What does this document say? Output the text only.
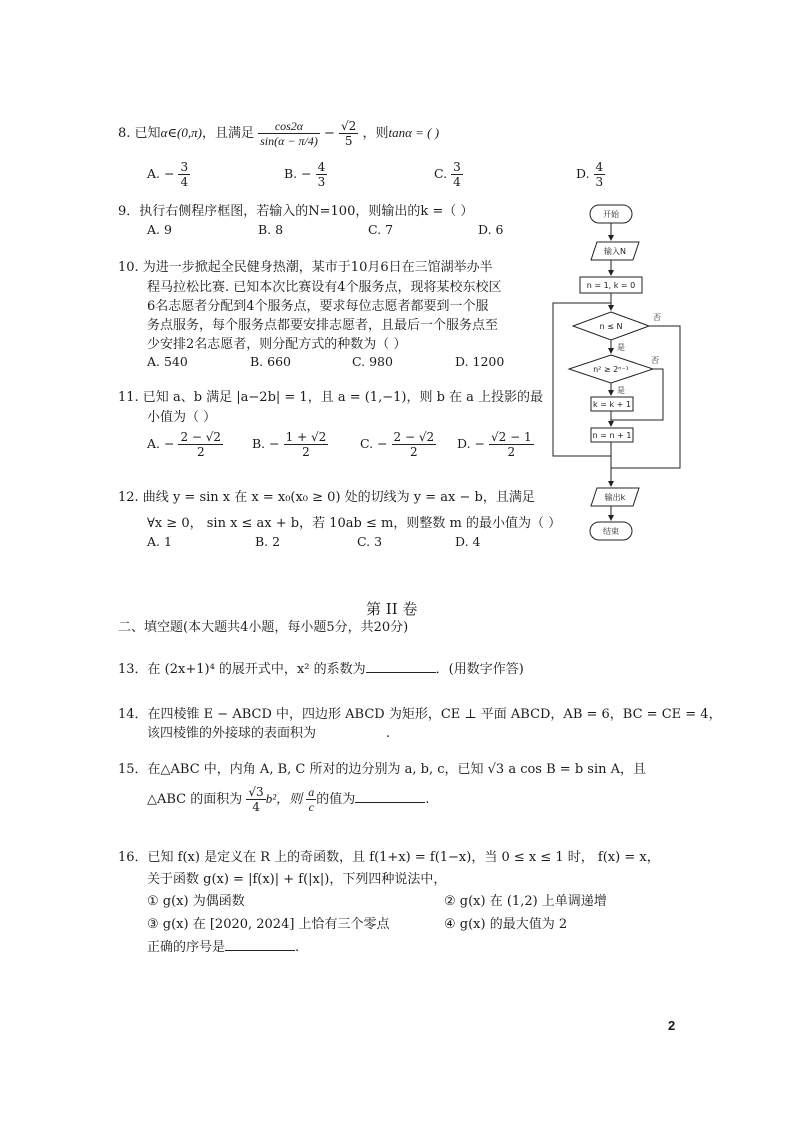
8. 已知α∈(0,π)，且满足 $\frac{\cos 2\alpha}{\sin(\alpha - \pi/4)} - \frac{√2}{5}$ ，则tanα = ( )
A. − $\frac{3}{4}$	B. − $\frac{4}{3}$	C. $\frac{3}{4}$	D. $\frac{4}{3}$
9．执行右侧程序框图，若输入的N=100，则输出的k =（ ）
A. 9	B. 8	C. 7	D. 6
10. 为进一步掀起全民健身热潮，某市于10月6日在三馆湖举办半
程马拉松比赛. 已知本次比赛设有4个服务点，现将某校东校区
6名志愿者分配到4个服务点，要求每位志愿者都要到一个服
务点服务，每个服务点都要安排志愿者，且最后一个服务点至
少安排2名志愿者，则分配方式的种数为（ ）
A. 540	B. 660	C. 980	D. 1200
11. 已知 a、b 满足 |a−2b| = 1，且 a = (1,−1)，则 b 在 a 上投影的最
小值为（ ）
A. − $\frac{2 - √2}{2} B$. − $\frac{1 + √2}{2}$	C. − $\frac{2 - √2}{2} D$. − $\frac{√2 - 1}{2}$
12. 曲线 y = sin x 在 x = x₀(x₀ ≥ 0) 处的切线为 y = ax − b，且满足
∀x ≥ 0， sin x ≤ ax + b，若 10ab ≤ m，则整数 m 的最小值为（ ）
A. 1	B. 2	C. 3	D. 4
开始
输入N
n = 1, k = 0
n ≤ N
n² ≥ 2ⁿ⁻¹
k = k + 1
n = n + 1
输出k
结束
是
否
是
否
第 II 卷
二、填空题(本大题共4小题，每小题5分，共20分)
13．在 (2x+1)⁴ 的展开式中，x² 的系数为	．(用数字作答)
14．在四棱锥 E − ABCD 中，四边形 ABCD 为矩形，CE ⊥ 平面 ABCD，AB = 6，BC = CE = 4，
该四棱锥的外接球的表面积为	.
15．在△ABC 中，内角 A, B, C 所对的边分别为 a, b, c，已知 √3 a cos B = b sin A，且
△ABC 的面积为 $\frac{√3}{4} b^2$，则 $\frac{a}{c}$ 的值为	.
16．已知 f(x) 是定义在 R 上的奇函数，且 f(1+x) = f(1−x)，当 0 ≤ x ≤ 1 时， f(x) = x，
关于函数 g(x) = |f(x)| + f(|x|)，下列四种说法中，
① g(x) 为偶函数	② g(x) 在 (1,2) 上单调递增
③ g(x) 在 [2020, 2024] 上恰有三个零点	④ g(x) 的最大值为 2
正确的序号是	.
2
